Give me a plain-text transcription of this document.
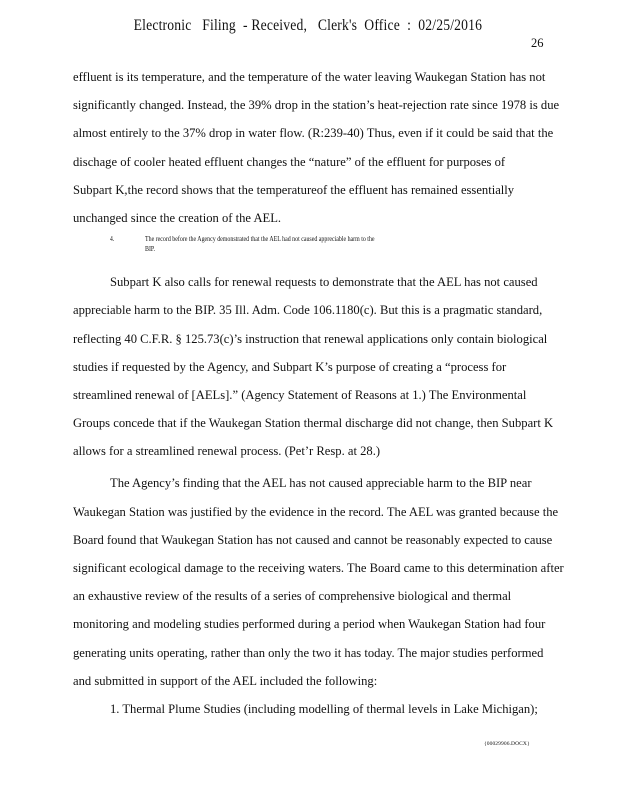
Electronic   Filing  - Received,   Clerk's  Office  :  02/25/2016
26
effluent is its temperature, and the temperature of the water leaving Waukegan Station has not
significantly changed. Instead, the 39% drop in the station’s heat-rejection rate since 1978 is due
almost entirely to the 37% drop in water flow. (R:239-40) Thus, even if it could be said that the
dischage of cooler heated effluent changes the “nature” of the effluent for purposes of
Subpart K,the record shows that the temperatureof the effluent has remained essentially
unchanged since the creation of the AEL.
4.	The record before the Agency demonstrated that the AEL had not caused appreciable harm to the BIP.
Subpart K also calls for renewal requests to demonstrate that the AEL has not caused
appreciable harm to the BIP. 35 Ill. Adm. Code 106.1180(c). But this is a pragmatic standard,
reflecting 40 C.F.R. § 125.73(c)’s instruction that renewal applications only contain biological
studies if requested by the Agency, and Subpart K’s purpose of creating a “process for
streamlined renewal of [AELs].” (Agency Statement of Reasons at 1.) The Environmental
Groups concede that if the Waukegan Station thermal discharge did not change, then Subpart K
allows for a streamlined renewal process. (Pet’r Resp. at 28.)
The Agency’s finding that the AEL has not caused appreciable harm to the BIP near
Waukegan Station was justified by the evidence in the record. The AEL was granted because the
Board found that Waukegan Station has not caused and cannot be reasonably expected to cause
significant ecological damage to the receiving waters. The Board came to this determination after
an exhaustive review of the results of a series of comprehensive biological and thermal
monitoring and modeling studies performed during a period when Waukegan Station had four
generating units operating, rather than only the two it has today. The major studies performed
and submitted in support of the AEL included the following:
1. Thermal Plume Studies (including modelling of thermal levels in Lake Michigan);
{00029906.DOCX}
